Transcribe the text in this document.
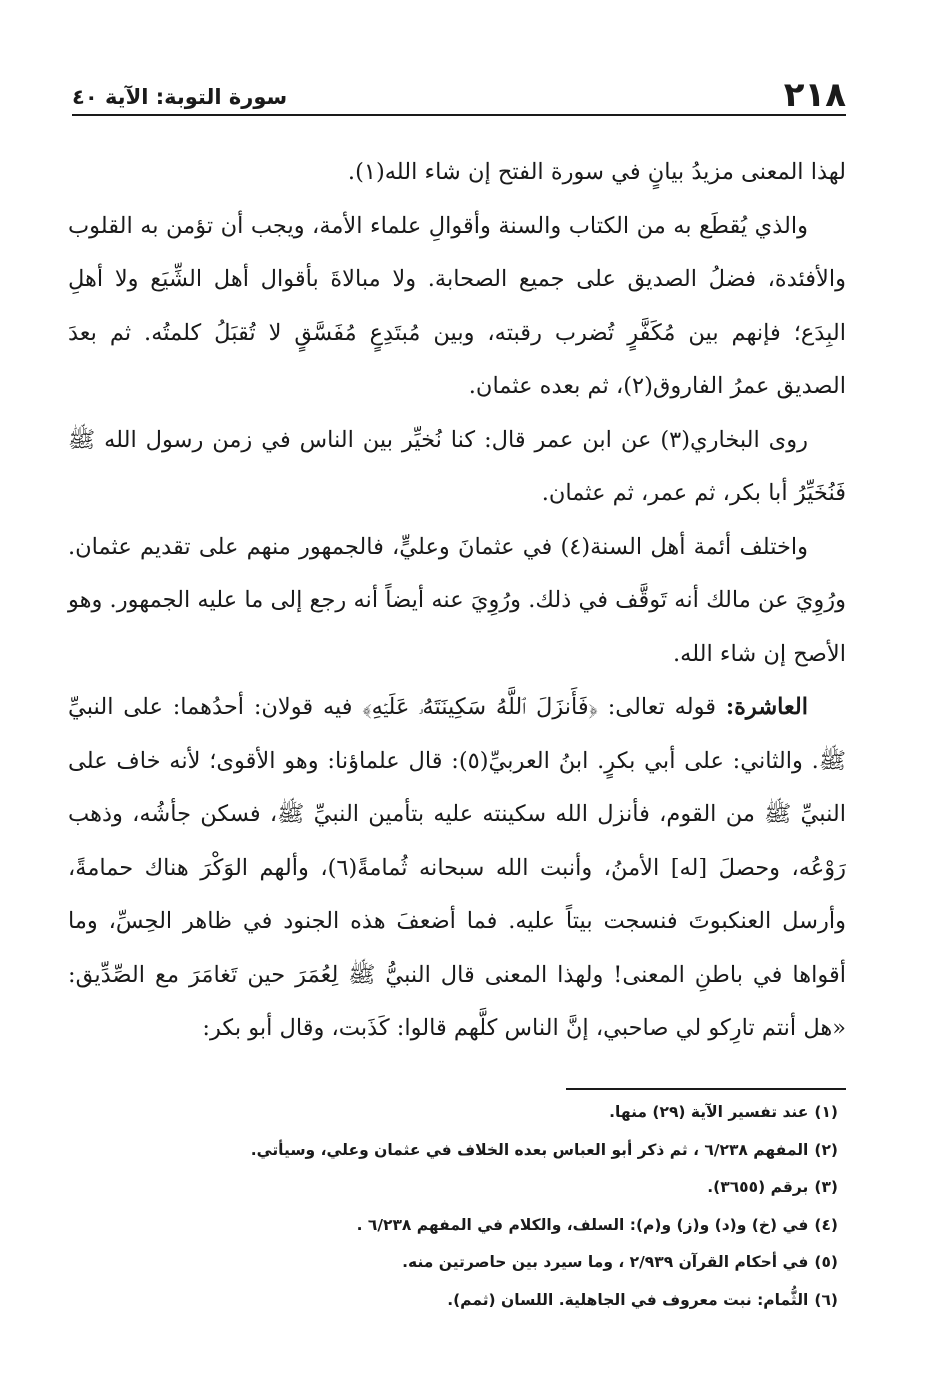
٢١٨
سورة التوبة: الآية ٤٠

لهذا المعنى مزيدُ بيانٍ في سورة الفتح إن شاء الله(١).

والذي يُقطَع به من الكتاب والسنة وأقوالِ علماء الأمة، ويجب أن تؤمن به القلوب والأفئدة، فضلُ الصديق على جميع الصحابة. ولا مبالاةَ بأقوال أهل الشِّيَع ولا أهلِ البِدَع؛ فإنهم بين مُكَفَّرٍ تُضرب رقبته، وبين مُبتَدِعٍ مُفَسَّقٍ لا تُقبَلُ كلمتُه. ثم بعدَ الصديق عمرُ الفاروق(٢)، ثم بعده عثمان.

روى البخاري(٣) عن ابن عمر قال: كنا نُخيِّر بين الناس في زمن رسول الله ﷺ فَنُخَيِّرُ أبا بكر، ثم عمر، ثم عثمان.

واختلف أئمة أهل السنة(٤) في عثمانَ وعليٍّ، فالجمهور منهم على تقديم عثمان. ورُوِيَ عن مالك أنه تَوقَّف في ذلك. ورُوِيَ عنه أيضاً أنه رجع إلى ما عليه الجمهور. وهو الأصح إن شاء الله.

العاشرة: قوله تعالى: ﴿فَأَنزَلَ ٱللَّهُ سَكِينَتَهُۥ عَلَيۡهِ﴾ فيه قولان: أحدُهما: على النبيِّ ﷺ. والثاني: على أبي بكرٍ. ابنُ العربيِّ(٥): قال علماؤنا: وهو الأقوى؛ لأنه خاف على النبيِّ ﷺ من القوم، فأنزل الله سكينته عليه بتأمين النبيِّ ﷺ، فسكن جأشُه، وذهب رَوْعُه، وحصلَ [له] الأمنُ، وأنبت الله سبحانه ثُمامةً(٦)، وألهم الوَكْرَ هناك حمامةً، وأرسل العنكبوتَ فنسجت بيتاً عليه. فما أضعفَ هذه الجنود في ظاهر الحِسِّ، وما أقواها في باطنِ المعنى! ولهذا المعنى قال النبيُّ ﷺ لِعُمَرَ حين تَغامَرَ مع الصِّدِّيق: «هل أنتم تارِكو لي صاحبي، إنَّ الناس كلَّهم قالوا: كَذَبت، وقال أبو بكر:

(١)عند تفسير الآية (٢٩) منها.
(٢)المفهم ٦/٢٣٨ ، ثم ذكر أبو العباس بعده الخلاف في عثمان وعلي، وسيأتي.
(٣)برقم (٣٦٥٥).
(٤)في (خ) و(د) و(ز) و(م): السلف، والكلام في المفهم ٦/٢٣٨ .
(٥)في أحكام القرآن ٢/٩٣٩ ، وما سيرد بين حاصرتين منه.
(٦)الثُّمام: نبت معروف في الجاهلية. اللسان (ثمم).
